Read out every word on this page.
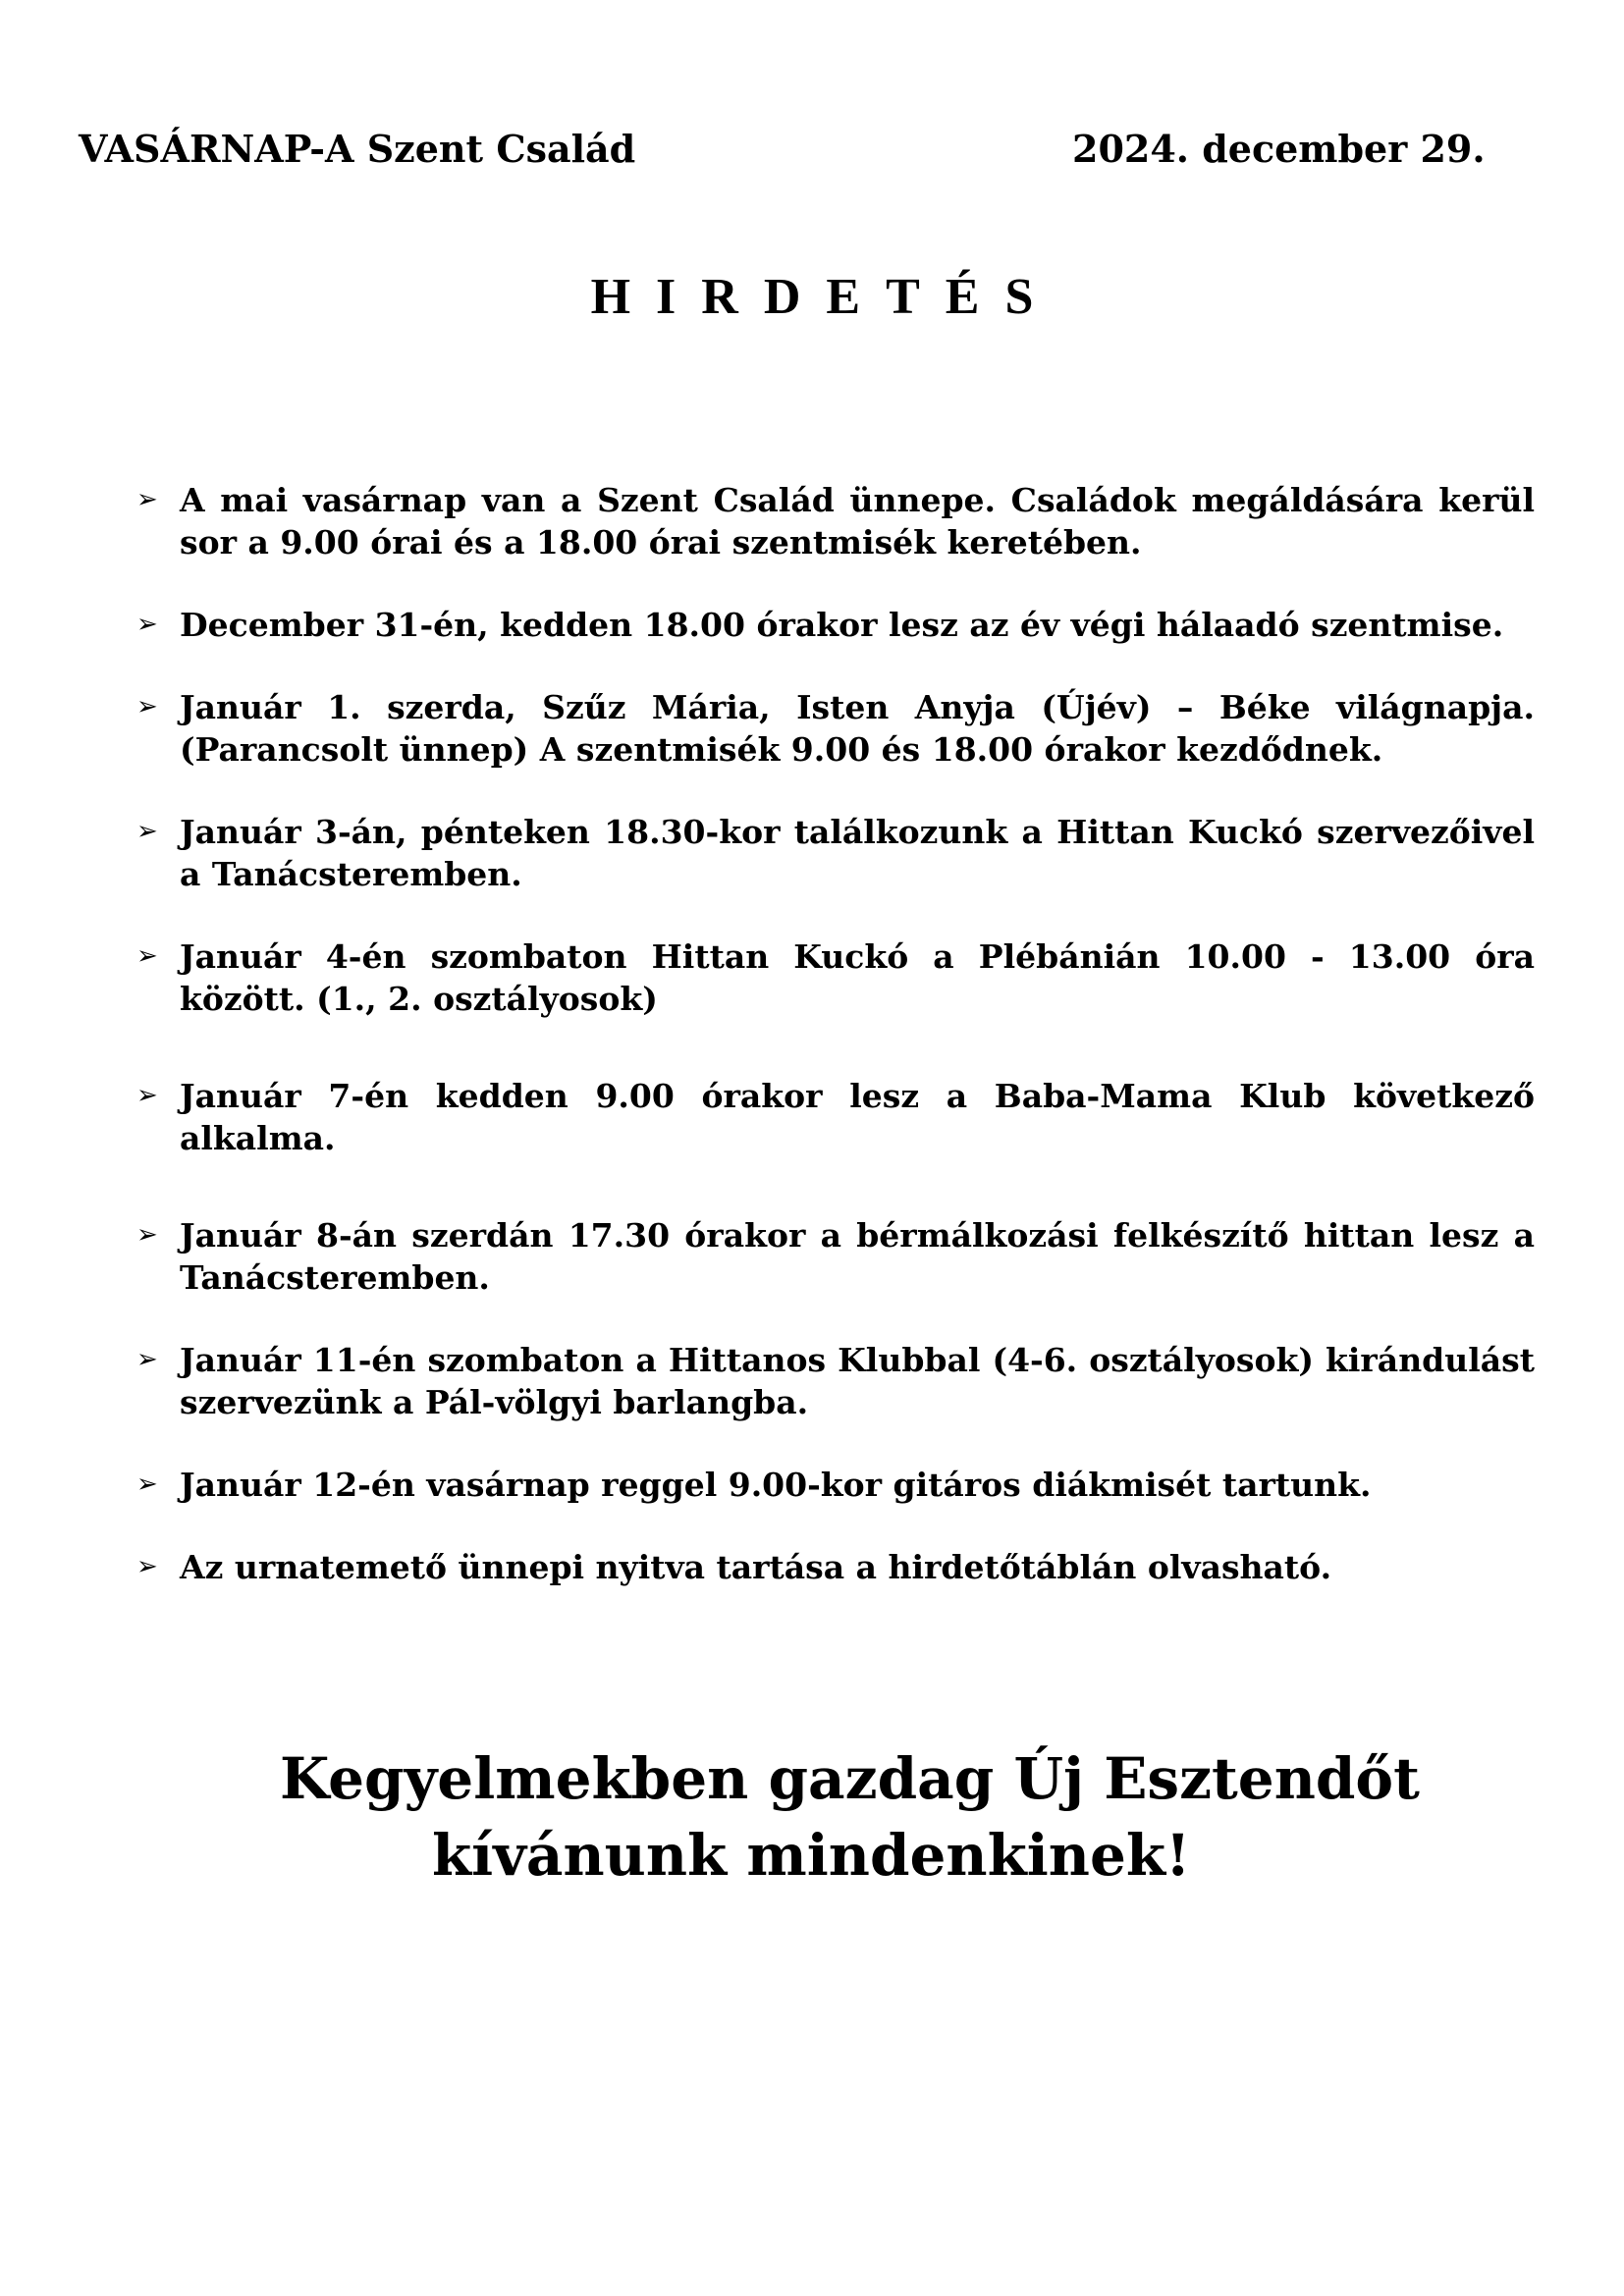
VASÁRNAP-A Szent Család	2024. december 29.
HIRDETÉS
➢ A mai vasárnap van a Szent Család ünnepe. Családok megáldására kerül sor a 9.00 órai és a 18.00 órai szentmisék keretében.
➢ December 31-én, kedden 18.00 órakor lesz az év végi hálaadó szentmise.
➢ Január 1. szerda, Szűz Mária, Isten Anyja (Újév) – Béke világnapja. (Parancsolt ünnep) A szentmisék 9.00 és 18.00 órakor kezdődnek.
➢ Január 3-án, pénteken 18.30-kor találkozunk a Hittan Kuckó szervezőivel a Tanácsteremben.
➢ Január 4-én szombaton Hittan Kuckó a Plébánián 10.00 - 13.00 óra között. (1., 2. osztályosok)
➢ Január 7-én kedden 9.00 órakor lesz a Baba-Mama Klub következő alkalma.
➢ Január 8-án szerdán 17.30 órakor a bérmálkozási felkészítő hittan lesz a Tanácsteremben.
➢ Január 11-én szombaton a Hittanos Klubbal (4-6. osztályosok) kirándulást szervezünk a Pál-völgyi barlangba.
➢ Január 12-én vasárnap reggel 9.00-kor gitáros diákmisét tartunk.
➢ Az urnatemető ünnepi nyitva tartása a hirdetőtáblán olvasható.
Kegyelmekben gazdag Új Esztendőt
kívánunk mindenkinek!
